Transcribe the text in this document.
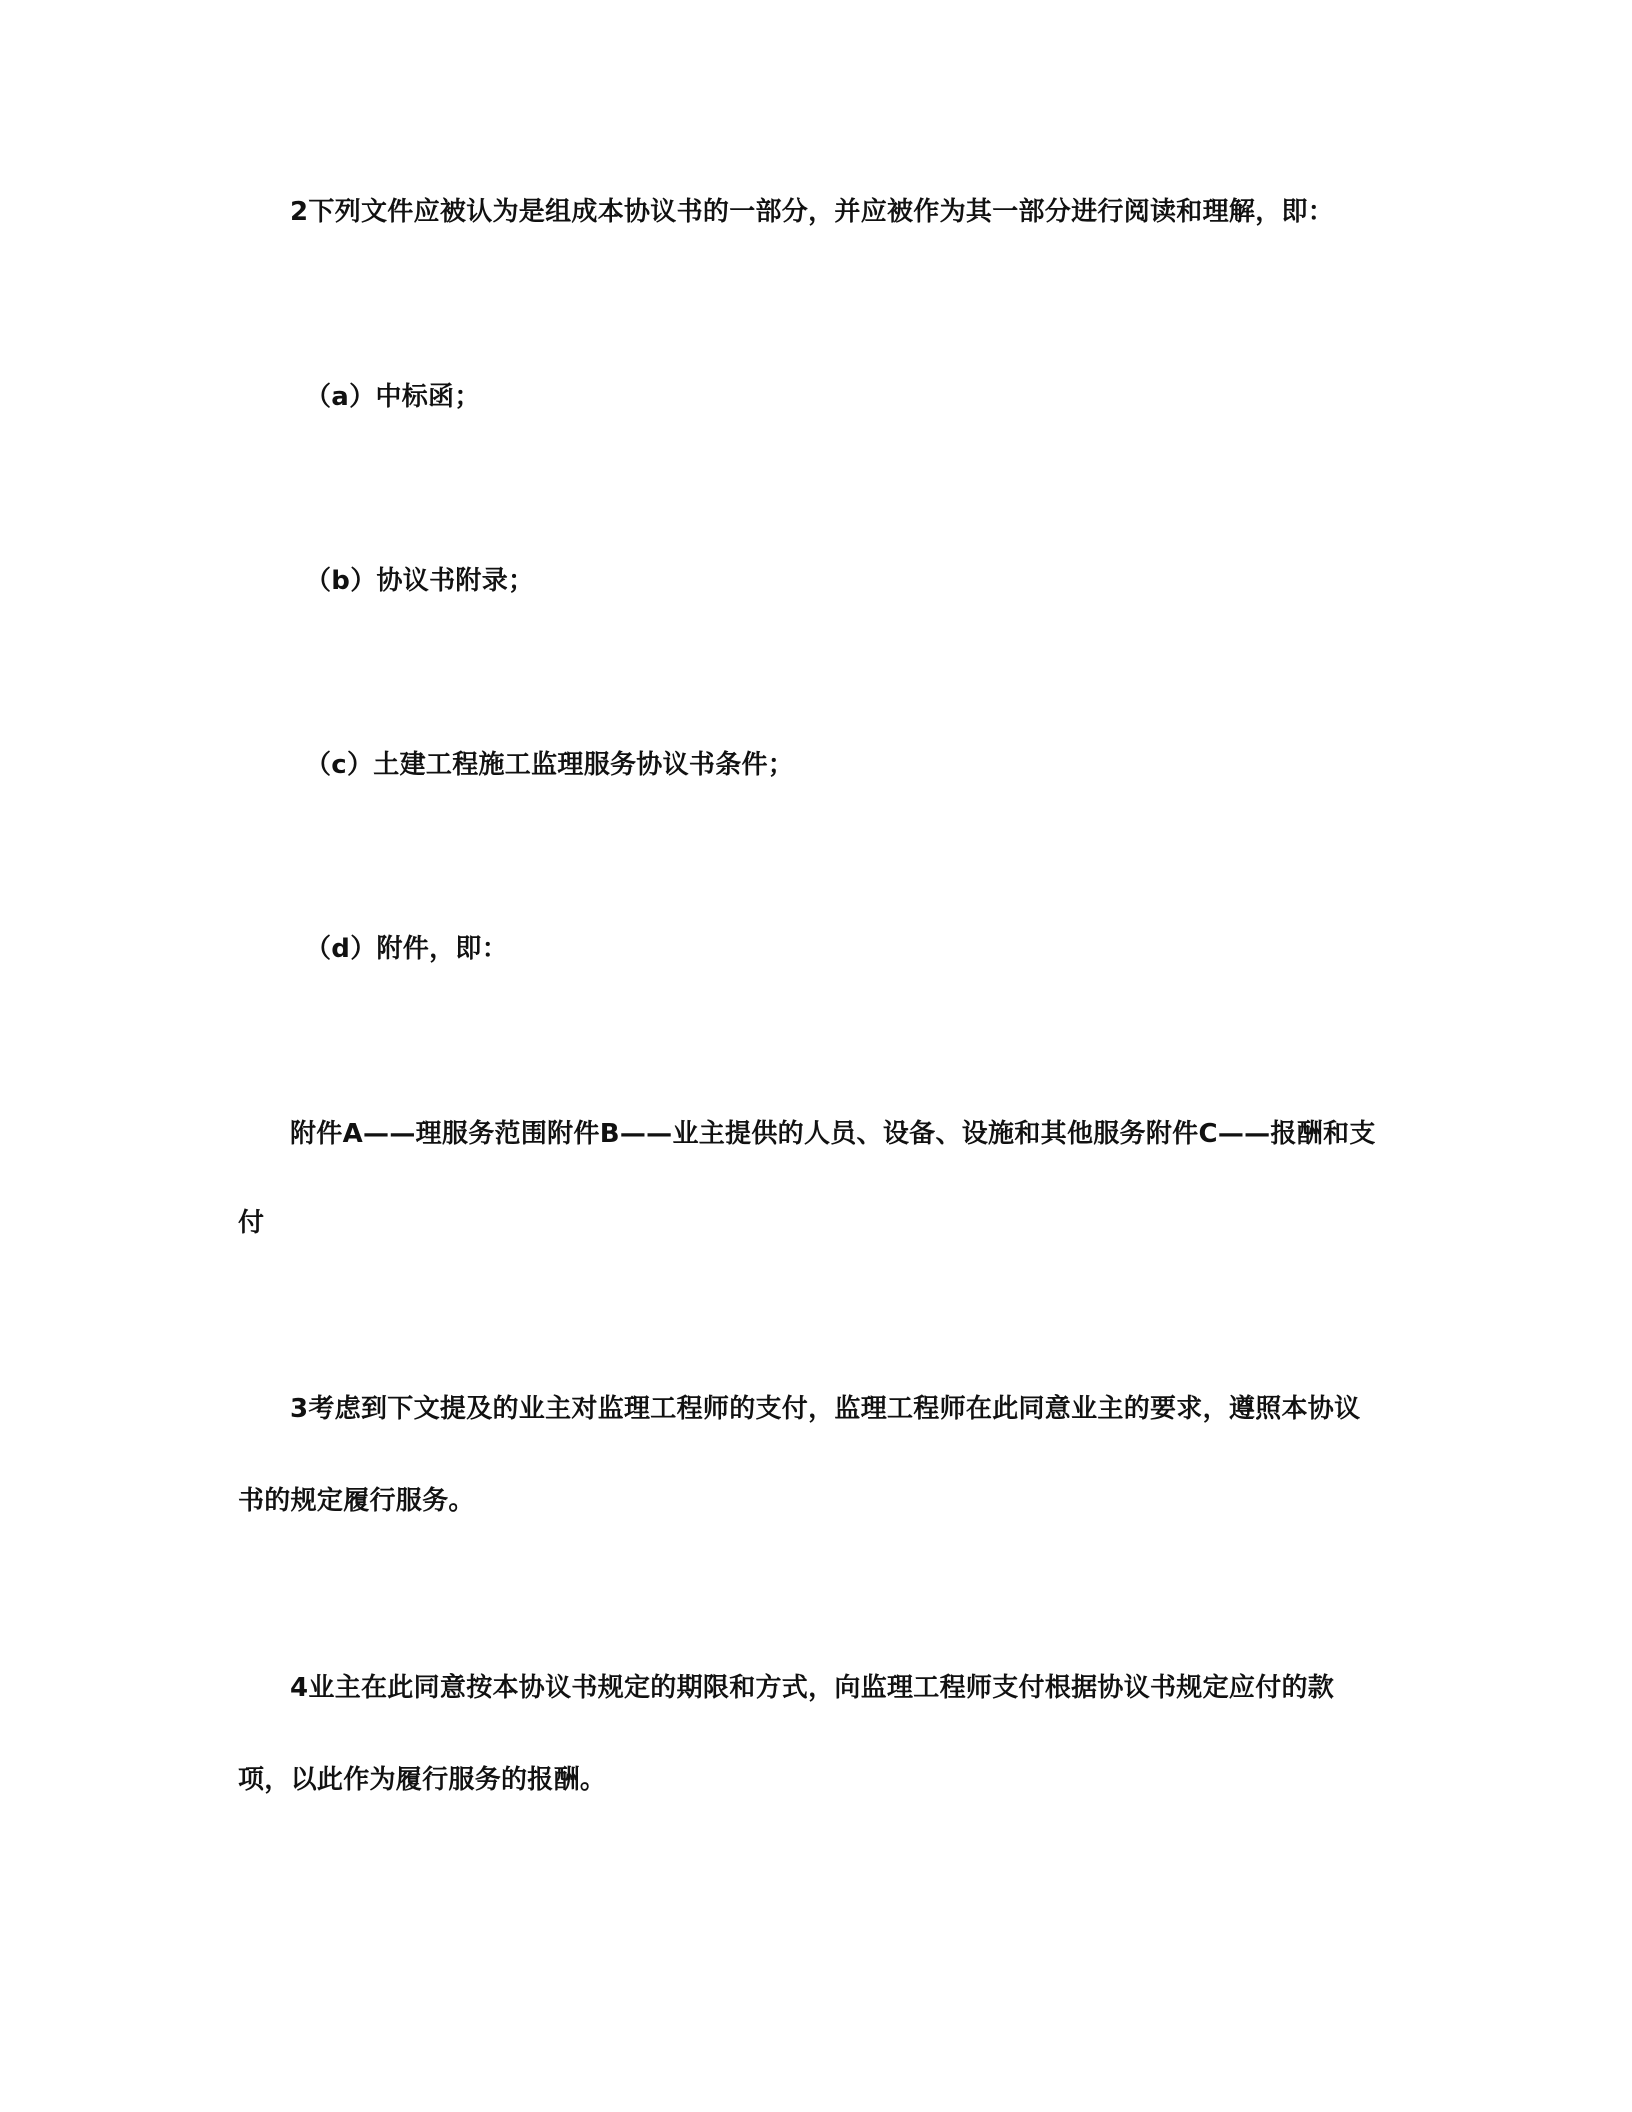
2下列文件应被认为是组成本协议书的一部分，并应被作为其一部分进行阅读和理解，即：
（a）中标函；
（b）协议书附录；
（c）土建工程施工监理服务协议书条件；
（d）附件，即：
附件A——理服务范围附件B——业主提供的人员、设备、设施和其他服务附件C——报酬和支
付
3考虑到下文提及的业主对监理工程师的支付，监理工程师在此同意业主的要求，遵照本协议
书的规定履行服务。
4业主在此同意按本协议书规定的期限和方式，向监理工程师支付根据协议书规定应付的款
项，以此作为履行服务的报酬。
